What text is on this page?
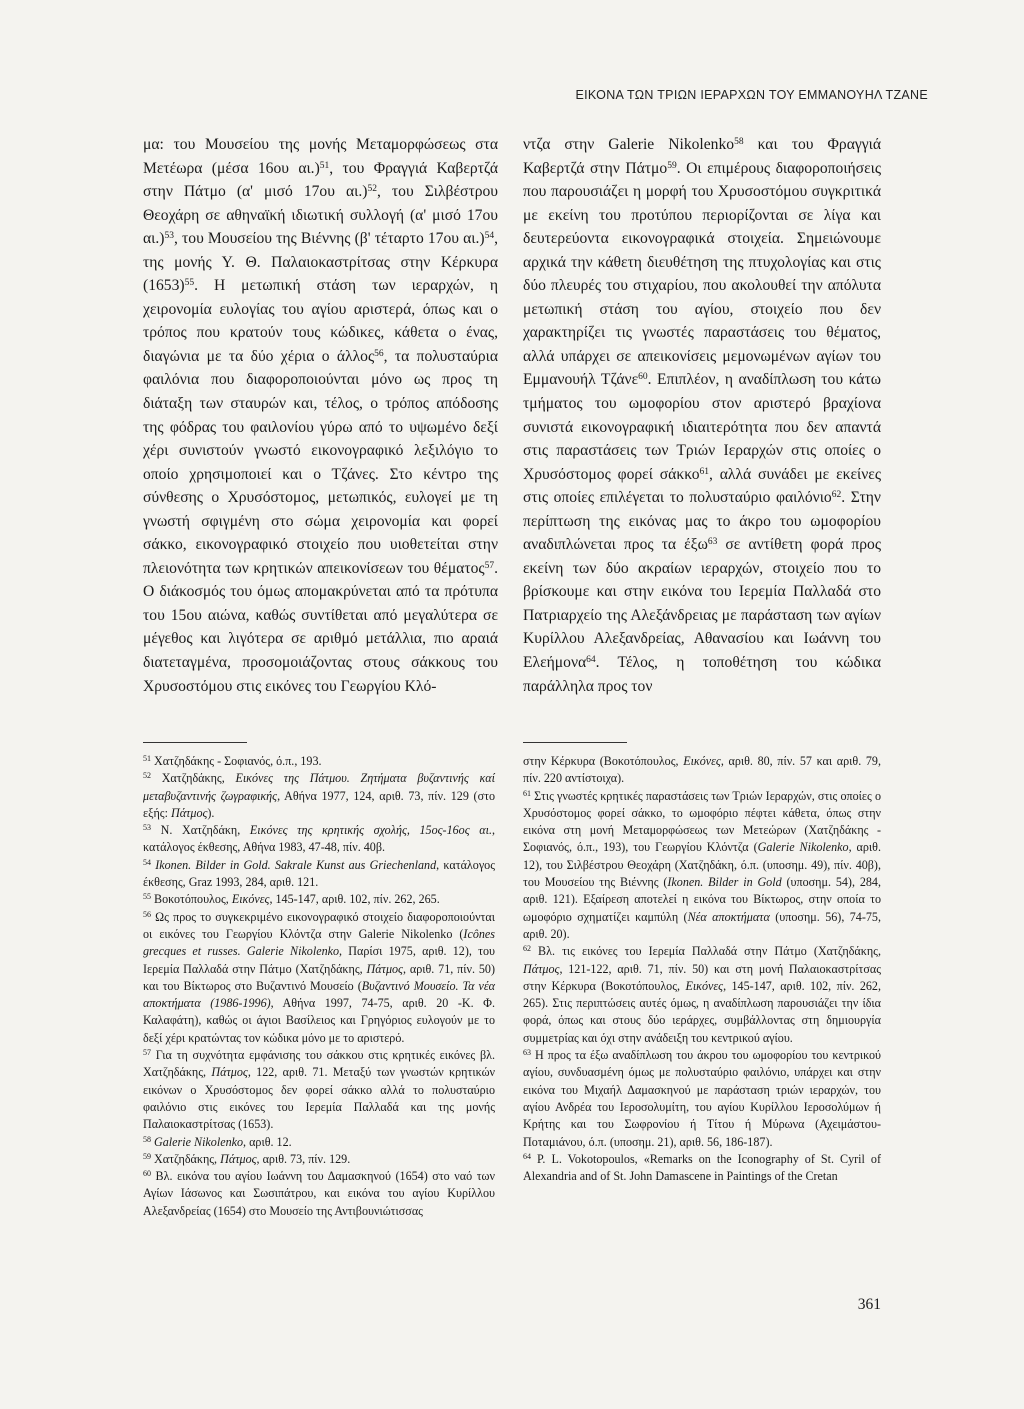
ΕΙΚΟΝΑ ΤΩΝ ΤΡΙΩΝ ΙΕΡΑΡΧΩΝ ΤΟΥ ΕΜΜΑΝΟΥΗΛ ΤΖΑΝΕ

μα: του Μουσείου της μονής Μεταμορφώσεως στα Μετέωρα (μέσα 16ου αι.)$^{51}$, του Φραγγιά Καβερτζά στην Πάτμο (α' μισό 17ου αι.)$^{52}$, του Σιλβέστρου Θεοχάρη σε αθηναϊκή ιδιωτική συλλογή (α' μισό 17ου αι.)$^{53}$, του Μουσείου της Βιέννης (β' τέταρτο 17ου αι.)$^{54}$, της μονής Υ. Θ. Παλαιοκαστρίτσας στην Κέρκυρα $(1653)^{55}$. Η μετωπική στάση των ιεραρχών, η χειρονομία ευλογίας του αγίου αριστερά, όπως και ο τρόπος που κρατούν τους κώδικες, κάθετα ο ένας, διαγώνια με τα δύο χέρια ο άλλος$^{56}$, τα πολυσταύρια φαιλόνια που διαφοροποιούνται μόνο ως προς τη διάταξη των σταυρών και, τέλος, ο τρόπος απόδοσης της φόδρας του φαιλονίου γύρω από το υψωμένο δεξί χέρι συνιστούν γνωστό εικονογραφικό λεξιλόγιο το οποίο χρησιμοποιεί και ο Τζάνες. Στο κέντρο της σύνθεσης ο Χρυσόστομος, μετωπικός, ευλογεί με τη γνωστή σφιγμένη στο σώμα χειρονομία και φορεί σάκκο, εικονογραφικό στοιχείο που υιοθετείται στην πλειονότητα των κρητικών απεικονίσεων του θέματος$^{57}$. Ο διάκοσμός του όμως απομακρύνεται από τα πρότυπα του 15ου αιώνα, καθώς συντίθεται από μεγαλύτερα σε μέγεθος και λιγότερα σε αριθμό μετάλλια, πιο αραιά διατεταγμένα, προσομοιάζοντας στους σάκκους του Χρυσοστόμου στις εικόνες του Γεωργίου Κλό-

ντζα στην Galerie Nikolenko$^{58}$ και του Φραγγιά Καβερτζά στην Πάτμο$^{59}$. Οι επιμέρους διαφοροποιήσεις που παρουσιάζει η μορφή του Χρυσοστόμου συγκριτικά με εκείνη του προτύπου περιορίζονται σε λίγα και δευτερεύοντα εικονογραφικά στοιχεία. Σημειώνουμε αρχικά την κάθετη διευθέτηση της πτυχολογίας και στις δύο πλευρές του στιχαρίου, που ακολουθεί την απόλυτα μετωπική στάση του αγίου, στοιχείο που δεν χαρακτηρίζει τις γνωστές παραστάσεις του θέματος, αλλά υπάρχει σε απεικονίσεις μεμονωμένων αγίων του Εμμανουήλ Τζάνε$^{60}$. Επιπλέον, η αναδίπλωση του κάτω τμήματος του ωμοφορίου στον αριστερό βραχίονα συνιστά εικονογραφική ιδιαιτερότητα που δεν απαντά στις παραστάσεις των Τριών Ιεραρχών στις οποίες ο Χρυσόστομος φορεί σάκκο$^{61}$, αλλά συνάδει με εκείνες στις οποίες επιλέγεται το πολυσταύριο φαιλόνιο$^{62}$. Στην περίπτωση της εικόνας μας το άκρο του ωμοφορίου αναδιπλώνεται προς τα έξω$^{63}$ σε αντίθετη φορά προς εκείνη των δύο ακραίων ιεραρχών, στοιχείο που το βρίσκουμε και στην εικόνα του Ιερεμία Παλλαδά στο Πατριαρχείο της Αλεξάνδρειας με παράσταση των αγίων Κυρίλλου Αλεξανδρείας, Αθανασίου και Ιωάννη του Ελεήμονα$^{64}$. Τέλος, η τοποθέτηση του κώδικα παράλληλα προς τον

$^{51}$ Χατζηδάκης - Σοφιανός, ό.π., 193.

$^{52}$ Χατζηδάκης, Εικόνες της Πάτμου. Ζητήματα βυζαντινής καί μεταβυζαντινής ζωγραφικής, Αθήνα 1977, 124, αριθ. 73, πίν. 129 (στο εξής: Πάτμος).

$^{53}$ Ν. Χατζηδάκη, Εικόνες της κρητικής σχολής, 15ος-16ος αι., κατάλογος έκθεσης, Αθήνα 1983, 47-48, πίν. 40β.

$^{54}$ Ikonen. Bilder in Gold. Sakrale Kunst aus Griechenland, κατάλογος έκθεσης, Graz 1993, 284, αριθ. 121.

$^{55}$ Βοκοτόπουλος, Εικόνες, 145-147, αριθ. 102, πίν. 262, 265.

$^{56}$ Ως προς το συγκεκριμένο εικονογραφικό στοιχείο διαφοροποιούνται οι εικόνες του Γεωργίου Κλόντζα στην Galerie Nikolenko (Icônes grecques et russes. Galerie Nikolenko, Παρίσι 1975, αριθ. 12), του Ιερεμία Παλλαδά στην Πάτμο (Χατζηδάκης, Πάτμος, αριθ. 71, πίν. 50) και του Βίκτωρος στο Βυζαντινό Μουσείο (Βυζαντινό Μουσείο. Τα νέα αποκτήματα (1986-1996), Αθήνα 1997, 74-75, αριθ. 20 -Κ. Φ. Καλαφάτη), καθώς οι άγιοι Βασίλειος και Γρηγόριος ευλογούν με το δεξί χέρι κρατώντας τον κώδικα μόνο με το αριστερό.

$^{57}$ Για τη συχνότητα εμφάνισης του σάκκου στις κρητικές εικόνες βλ. Χατζηδάκης, Πάτμος, 122, αριθ. 71. Μεταξύ των γνωστών κρητικών εικόνων ο Χρυσόστομος δεν φορεί σάκκο αλλά το πολυσταύριο φαιλόνιο στις εικόνες του Ιερεμία Παλλαδά και της μονής Παλαιοκαστρίτσας (1653).

$^{58}$ Galerie Nikolenko, αριθ. 12.

$^{59}$ Χατζηδάκης, Πάτμος, αριθ. 73, πίν. 129.

$^{60}$ Βλ. εικόνα του αγίου Ιωάννη του Δαμασκηνού (1654) στο ναό των Αγίων Ιάσωνος και Σωσιπάτρου, και εικόνα του αγίου Κυρίλλου Αλεξανδρείας (1654) στο Μουσείο της Αντιβουνιώτισσας

στην Κέρκυρα (Βοκοτόπουλος, Εικόνες, αριθ. 80, πίν. 57 και αριθ. 79, πίν. 220 αντίστοιχα).

$^{61}$ Στις γνωστές κρητικές παραστάσεις των Τριών Ιεραρχών, στις οποίες ο Χρυσόστομος φορεί σάκκο, το ωμοφόριο πέφτει κάθετα, όπως στην εικόνα στη μονή Μεταμορφώσεως των Μετεώρων (Χατζηδάκης - Σοφιανός, ό.π., 193), του Γεωργίου Κλόντζα (Galerie Nikolenko, αριθ. 12), του Σιλβέστρου Θεοχάρη (Χατζηδάκη, ό.π. (υποσημ. 49), πίν. 40β), του Μουσείου της Βιέννης (Ikonen. Bilder in Gold (υποσημ. 54), 284, αριθ. 121). Εξαίρεση αποτελεί η εικόνα του Βίκτωρος, στην οποία το ωμοφόριο σχηματίζει καμπύλη (Νέα αποκτήματα (υποσημ. 56), 74-75, αριθ. 20).

$^{62}$ Βλ. τις εικόνες του Ιερεμία Παλλαδά στην Πάτμο (Χατζηδάκης, Πάτμος, 121-122, αριθ. 71, πίν. 50) και στη μονή Παλαιοκαστρίτσας στην Κέρκυρα (Βοκοτόπουλος, Εικόνες, 145-147, αριθ. 102, πίν. 262, 265). Στις περιπτώσεις αυτές όμως, η αναδίπλωση παρουσιάζει την ίδια φορά, όπως και στους δύο ιεράρχες, συμβάλλοντας στη δημιουργία συμμετρίας και όχι στην ανάδειξη του κεντρικού αγίου.

$^{63}$ Η πρoς τα έξω αναδίπλωση του άκρου του ωμοφορίου του κεντρικού αγίου, συνδυασμένη όμως με πολυσταύριο φαιλόνιο, υπάρχει και στην εικόνα του Μιχαήλ Δαμασκηνού με παράσταση τριών ιεραρχών, του αγίου Ανδρέα του Ιεροσολυμίτη, του αγίου Κυρίλλου Ιεροσολύμων ή Κρήτης και του Σωφρονίου ή Τίτου ή Μύρωνα (Αχειμάστου-Ποταμιάνου, ό.π. (υποσημ. 21), αριθ. 56, 186-187).

$^{64}$ P. L. Vokotopoulos, «Remarks on the Iconography of St. Cyril of Alexandria and of St. John Damascene in Paintings of the Cretan

361
